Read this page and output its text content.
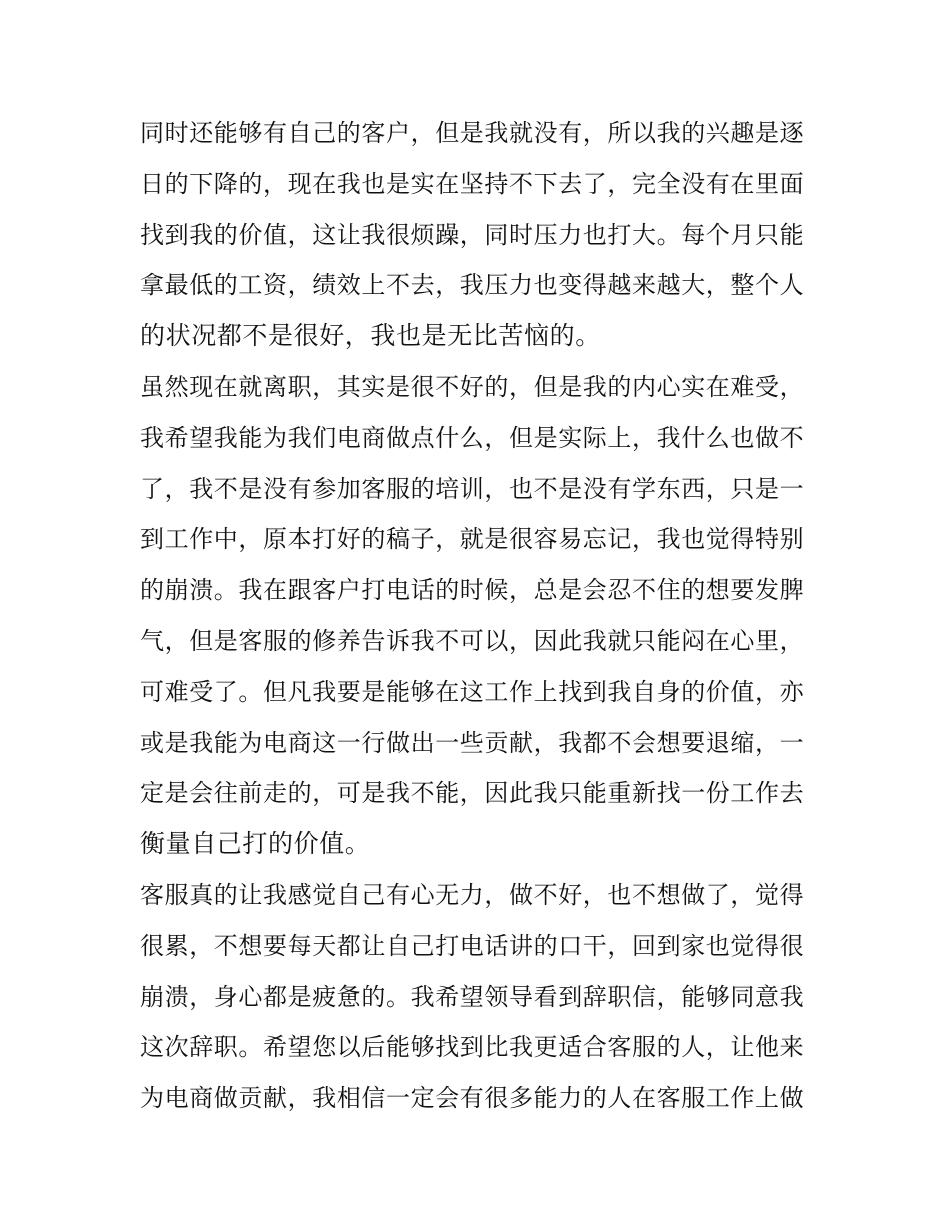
同时还能够有自己的客户，但是我就没有，所以我的兴趣是逐
日的下降的，现在我也是实在坚持不下去了，完全没有在里面
找到我的价值，这让我很烦躁，同时压力也打大。每个月只能
拿最低的工资，绩效上不去，我压力也变得越来越大，整个人
的状况都不是很好，我也是无比苦恼的。
虽然现在就离职，其实是很不好的，但是我的内心实在难受，
我希望我能为我们电商做点什么，但是实际上，我什么也做不
了，我不是没有参加客服的培训，也不是没有学东西，只是一
到工作中，原本打好的稿子，就是很容易忘记，我也觉得特别
的崩溃。我在跟客户打电话的时候，总是会忍不住的想要发脾
气，但是客服的修养告诉我不可以，因此我就只能闷在心里，
可难受了。但凡我要是能够在这工作上找到我自身的价值，亦
或是我能为电商这一行做出一些贡献，我都不会想要退缩，一
定是会往前走的，可是我不能，因此我只能重新找一份工作去
衡量自己打的价值。
客服真的让我感觉自己有心无力，做不好，也不想做了，觉得
很累，不想要每天都让自己打电话讲的口干，回到家也觉得很
崩溃，身心都是疲惫的。我希望领导看到辞职信，能够同意我
这次辞职。希望您以后能够找到比我更适合客服的人，让他来
为电商做贡献，我相信一定会有很多能力的人在客服工作上做
